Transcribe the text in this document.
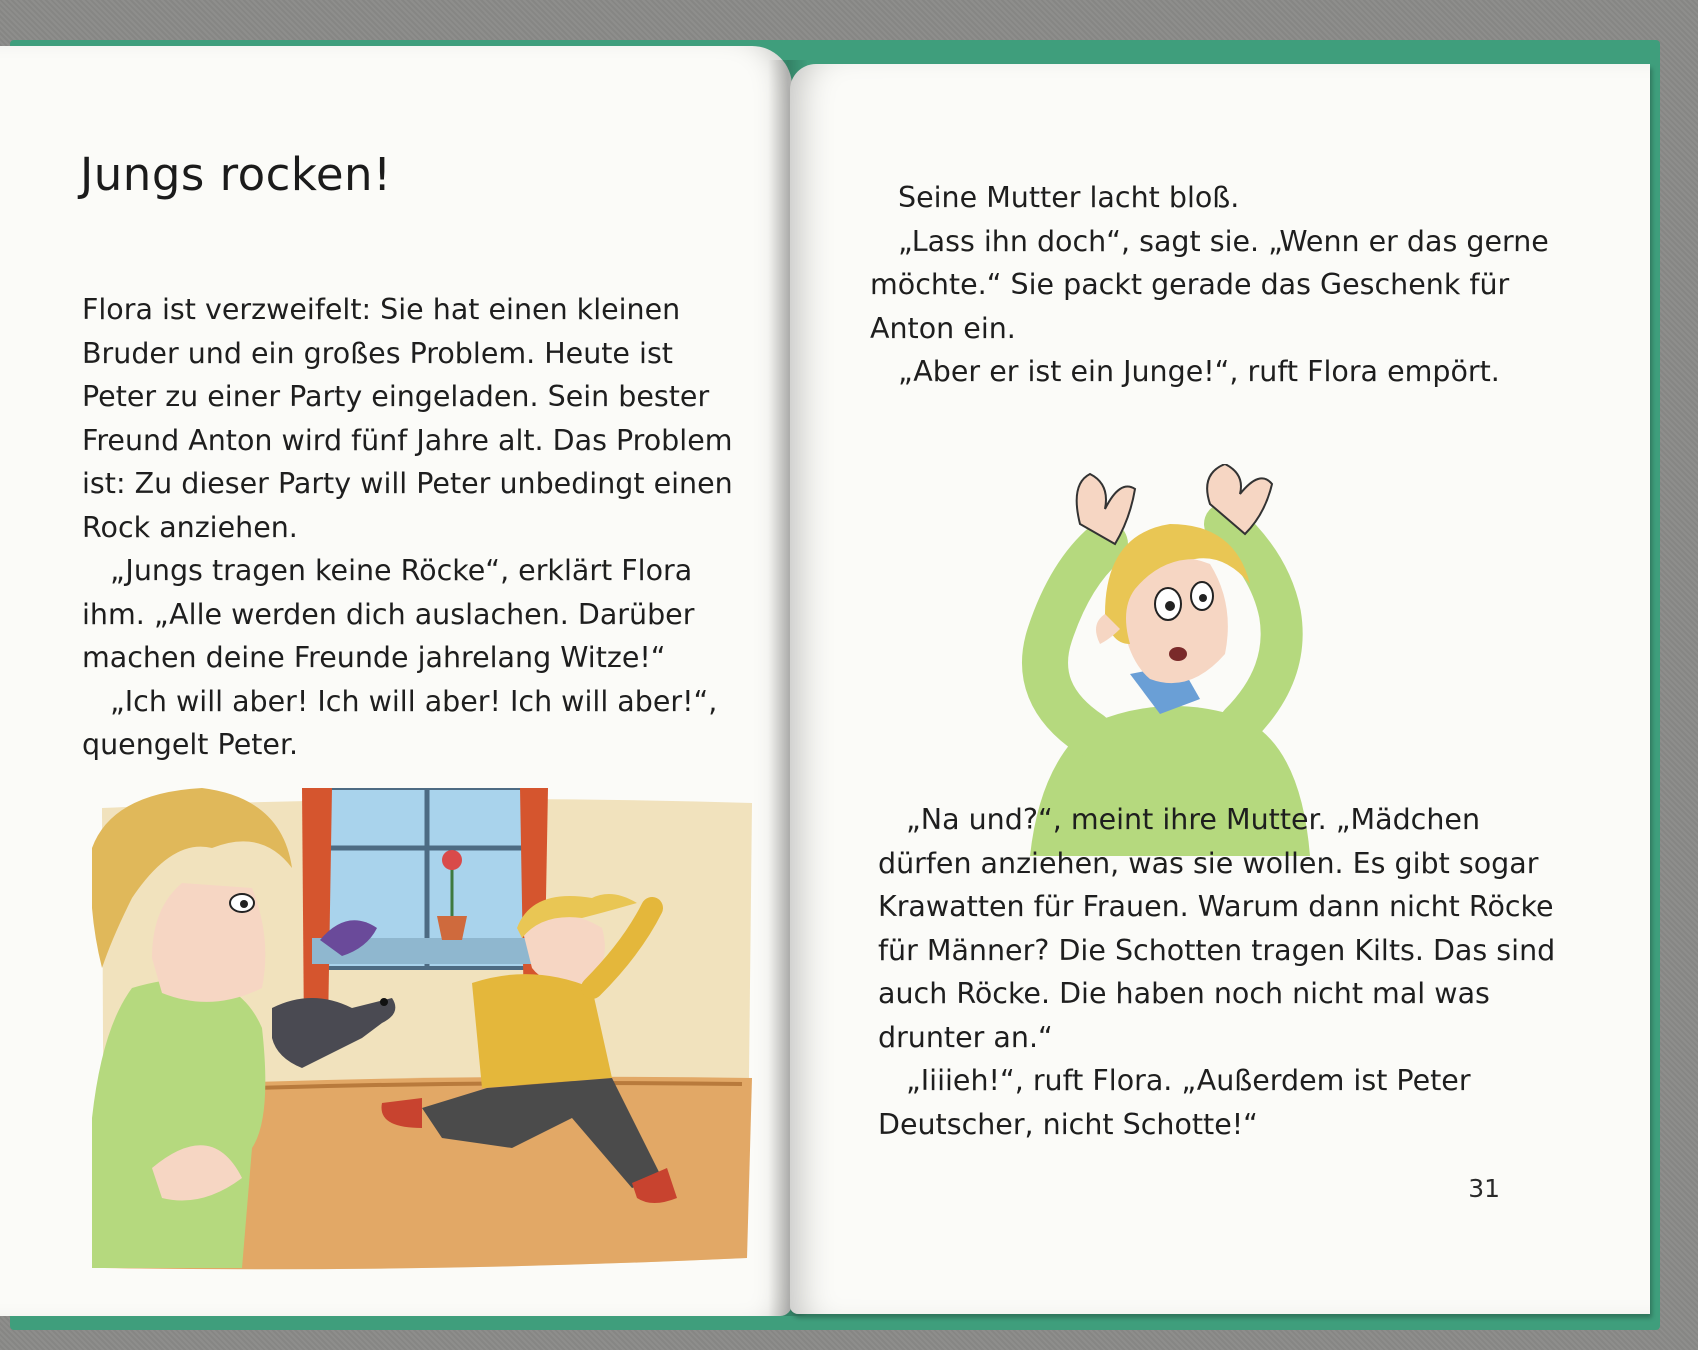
Jungs rocken!

Flora ist verzweifelt: Sie hat einen kleinen Bruder und ein großes Problem. Heute ist Peter zu einer Party eingeladen. Sein bester Freund Anton wird fünf Jahre alt. Das Problem ist: Zu dieser Party will Peter unbedingt einen Rock anziehen.

„Jungs tragen keine Röcke“, erklärt Flora ihm. „Alle werden dich auslachen. Darüber machen deine Freunde jahrelang Witze!“

„Ich will aber! Ich will aber! Ich will aber!“, quengelt Peter.

Seine Mutter lacht bloß.

„Lass ihn doch“, sagt sie. „Wenn er das gerne möchte.“ Sie packt gerade das Geschenk für Anton ein.

„Aber er ist ein Junge!“, ruft Flora empört.

„Na und?“, meint ihre Mutter. „Mädchen dürfen anziehen, was sie wollen. Es gibt sogar Krawatten für Frauen. Warum dann nicht Röcke für Männer? Die Schotten tragen Kilts. Das sind auch Röcke. Die haben noch nicht mal was drunter an.“

„Iiiieh!“, ruft Flora. „Außerdem ist Peter Deutscher, nicht Schotte!“

31
